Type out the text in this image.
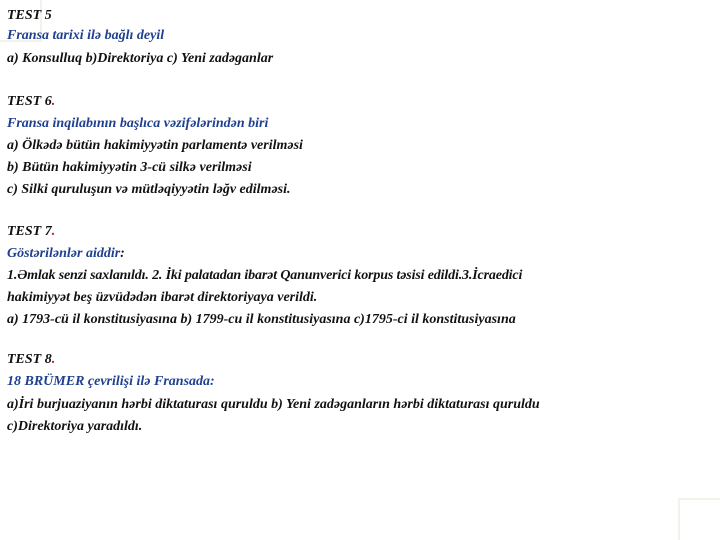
TEST 5
Fransa tarixi ilə bağlı deyil
a) Konsulluq b)Direktoriya c) Yeni zadəganlar
TEST 6.
Fransa inqilabının başlıca vəzifələrindən biri
a) Ölkədə bütün hakimiyyətin parlamentə verilməsi
b) Bütün hakimiyyətin 3-cü silkə verilməsi
c) Silki quruluşun və mütləqiyyətin ləğv edilməsi.
TEST 7.
Göstərilənlər aiddir:
1.Əmlak senzi saxlanıldı. 2. İki palatadan ibarət Qanunverici korpus təsisi edildi.3.İcraedici
hakimiyyət beş üzvüdədən ibarət direktoriyaya verildi.
a) 1793-cü il konstitusiyasına b) 1799-cu il konstitusiyasına c)1795-ci il konstitusiyasına
TEST 8.
18 BRÜMER çevrilişi ilə Fransada:
a)İri burjuaziyanın hərbi diktaturası quruldu b) Yeni zadəganların hərbi diktaturası quruldu
c)Direktoriya yaradıldı.
